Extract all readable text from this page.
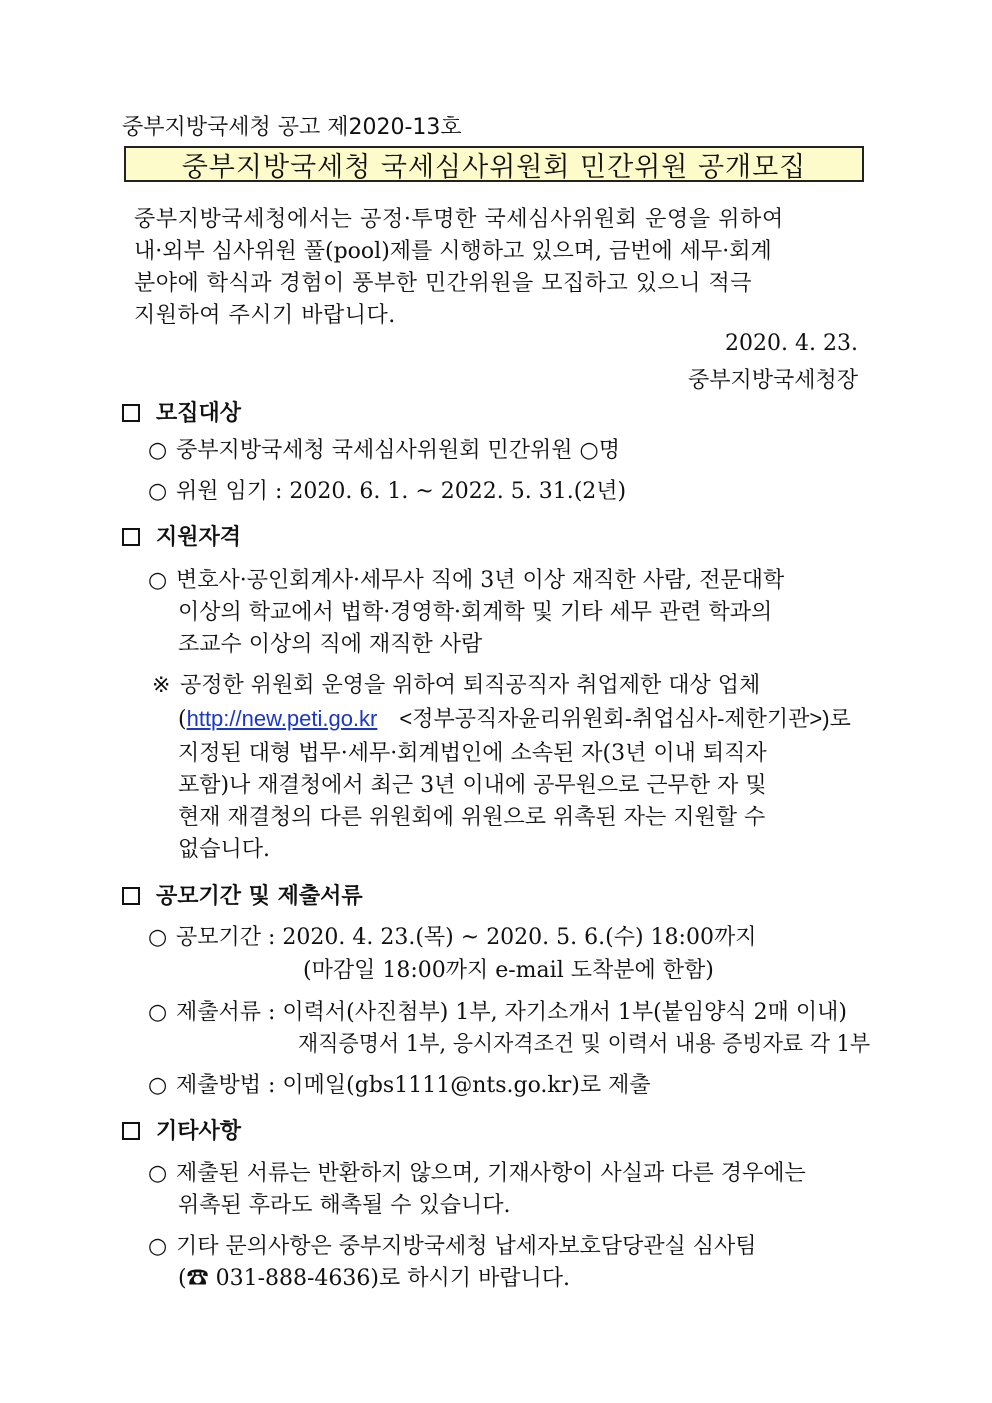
중부지방국세청 공고 제2020-13호
중부지방국세청 국세심사위원회 민간위원 공개모집
중부지방국세청에서는 공정·투명한 국세심사위원회 운영을 위하여
내·외부 심사위원 풀(pool)제를 시행하고 있으며, 금번에 세무·회계
분야에 학식과 경험이 풍부한 민간위원을 모집하고 있으니 적극
지원하여 주시기 바랍니다.
2020. 4. 23.
중부지방국세청장
모집대상
○ 중부지방국세청 국세심사위원회 민간위원 ○명
○ 위원 임기 : 2020. 6. 1. ~ 2022. 5. 31.(2년)
지원자격
○ 변호사·공인회계사·세무사 직에 3년 이상 재직한 사람, 전문대학
이상의 학교에서 법학·경영학·회계학 및 기타 세무 관련 학과의
조교수 이상의 직에 재직한 사람
※ 공정한 위원회 운영을 위하여 퇴직공직자 취업제한 대상 업체
(http://new.peti.go.kr <정부공직자윤리위원회-취업심사-제한기관>)로
지정된 대형 법무·세무·회계법인에 소속된 자(3년 이내 퇴직자
포함)나 재결청에서 최근 3년 이내에 공무원으로 근무한 자 및
현재 재결청의 다른 위원회에 위원으로 위촉된 자는 지원할 수
없습니다.
공모기간 및 제출서류
○ 공모기간 : 2020. 4. 23.(목) ~ 2020. 5. 6.(수) 18:00까지
(마감일 18:00까지 e-mail 도착분에 한함)
○ 제출서류 : 이력서(사진첨부) 1부, 자기소개서 1부(붙임양식 2매 이내)
재직증명서 1부, 응시자격조건 및 이력서 내용 증빙자료 각 1부
○ 제출방법 : 이메일(gbs1111@nts.go.kr)로 제출
기타사항
○ 제출된 서류는 반환하지 않으며, 기재사항이 사실과 다른 경우에는
위촉된 후라도 해촉될 수 있습니다.
○ 기타 문의사항은 중부지방국세청 납세자보호담당관실 심사팀
(☎ 031-888-4636)로 하시기 바랍니다.
